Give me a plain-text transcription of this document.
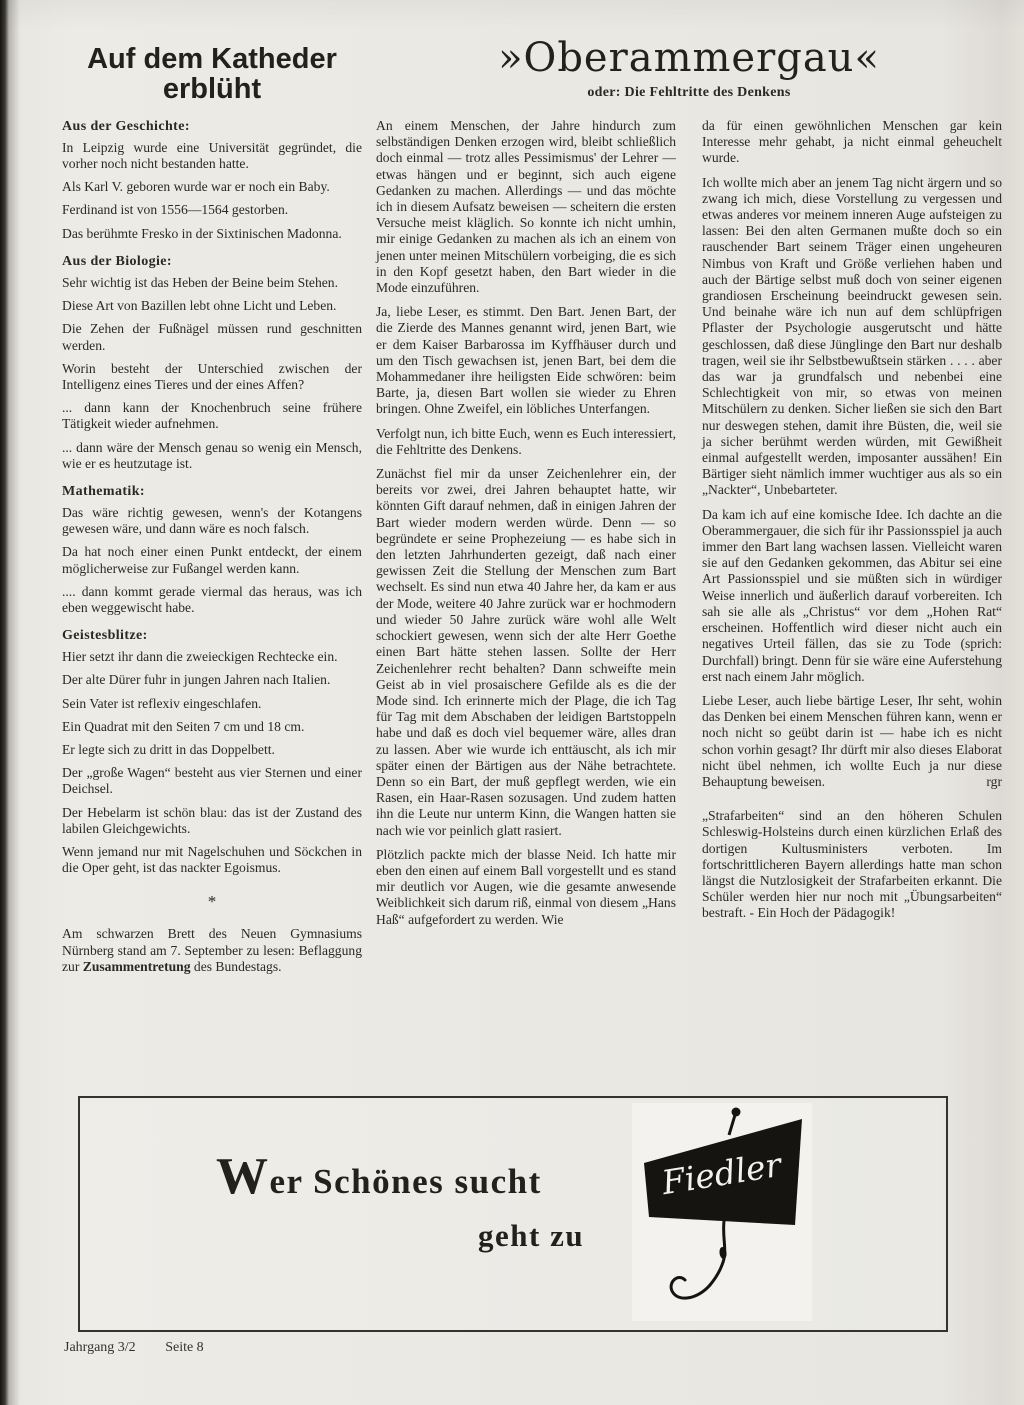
Auf dem Katheder erblüht
Aus der Geschichte:

In Leipzig wurde eine Universität gegründet, die vorher noch nicht bestanden hatte.

Als Karl V. geboren wurde war er noch ein Baby.

Ferdinand ist von 1556—1564 gestorben.

Das berühmte Fresko in der Sixtinischen Madonna.

Aus der Biologie:

Sehr wichtig ist das Heben der Beine beim Stehen.

Diese Art von Bazillen lebt ohne Licht und Leben.

Die Zehen der Fußnägel müssen rund geschnitten werden.

Worin besteht der Unterschied zwischen der Intelligenz eines Tieres und der eines Affen?

... dann kann der Knochenbruch seine frühere Tätigkeit wieder aufnehmen.

... dann wäre der Mensch genau so wenig ein Mensch, wie er es heutzutage ist.

Mathematik:

Das wäre richtig gewesen, wenn's der Kotangens gewesen wäre, und dann wäre es noch falsch.

Da hat noch einer einen Punkt entdeckt, der einem möglicherweise zur Fußangel werden kann.

.... dann kommt gerade viermal das heraus, was ich eben weggewischt habe.

Geistesblitze:

Hier setzt ihr dann die zweieckigen Rechtecke ein.

Der alte Dürer fuhr in jungen Jahren nach Italien.

Sein Vater ist reflexiv eingeschlafen.

Ein Quadrat mit den Seiten 7 cm und 18 cm.

Er legte sich zu dritt in das Doppelbett.

Der „große Wagen“ besteht aus vier Sternen und einer Deichsel.

Der Hebelarm ist schön blau: das ist der Zustand des labilen Gleichgewichts.

Wenn jemand nur mit Nagelschuhen und Söckchen in die Oper geht, ist das nackter Egoismus.

*

Am schwarzen Brett des Neuen Gymnasiums Nürnberg stand am 7. September zu lesen: Beflaggung zur Zusammentretung des Bundestags.

»Oberammergau«
oder: Die Fehltritte des Denkens

An einem Menschen, der Jahre hindurch zum selbständigen Denken erzogen wird, bleibt schließlich doch einmal — trotz alles Pessimismus' der Lehrer — etwas hängen und er beginnt, sich auch eigene Gedanken zu machen. Allerdings — und das möchte ich in diesem Aufsatz beweisen — scheitern die ersten Versuche meist kläglich. So konnte ich nicht umhin, mir einige Gedanken zu machen als ich an einem von jenen unter meinen Mitschülern vorbeiging, die es sich in den Kopf gesetzt haben, den Bart wieder in die Mode einzuführen.

Ja, liebe Leser, es stimmt. Den Bart. Jenen Bart, der die Zierde des Mannes genannt wird, jenen Bart, wie er dem Kaiser Barbarossa im Kyffhäuser durch und um den Tisch gewachsen ist, jenen Bart, bei dem die Mohammedaner ihre heiligsten Eide schwören: beim Barte, ja, diesen Bart wollen sie wieder zu Ehren bringen. Ohne Zweifel, ein löbliches Unterfangen.

Verfolgt nun, ich bitte Euch, wenn es Euch interessiert, die Fehltritte des Denkens.

Zunächst fiel mir da unser Zeichenlehrer ein, der bereits vor zwei, drei Jahren behauptet hatte, wir könnten Gift darauf nehmen, daß in einigen Jahren der Bart wieder modern werden würde. Denn — so begründete er seine Prophezeiung — es habe sich in den letzten Jahrhunderten gezeigt, daß nach einer gewissen Zeit die Stellung der Menschen zum Bart wechselt. Es sind nun etwa 40 Jahre her, da kam er aus der Mode, weitere 40 Jahre zurück war er hochmodern und wieder 50 Jahre zurück wäre wohl alle Welt schockiert gewesen, wenn sich der alte Herr Goethe einen Bart hätte stehen lassen. Sollte der Herr Zeichenlehrer recht behalten? Dann schweifte mein Geist ab in viel prosaischere Gefilde als es die der Mode sind. Ich erinnerte mich der Plage, die ich Tag für Tag mit dem Abschaben der leidigen Bartstoppeln habe und daß es doch viel bequemer wäre, alles dran zu lassen. Aber wie wurde ich enttäuscht, als ich mir später einen der Bärtigen aus der Nähe betrachtete. Denn so ein Bart, der muß gepflegt werden, wie ein Rasen, ein Haar-Rasen sozusagen. Und zudem hatten ihn die Leute nur unterm Kinn, die Wangen hatten sie nach wie vor peinlich glatt rasiert.

Plötzlich packte mich der blasse Neid. Ich hatte mir eben den einen auf einem Ball vorgestellt und es stand mir deutlich vor Augen, wie die gesamte anwesende Weiblichkeit sich darum riß, einmal von diesem „Hans Haß“ aufgefordert zu werden. Wie

da für einen gewöhnlichen Menschen gar kein Interesse mehr gehabt, ja nicht einmal geheuchelt wurde.

Ich wollte mich aber an jenem Tag nicht ärgern und so zwang ich mich, diese Vorstellung zu vergessen und etwas anderes vor meinem inneren Auge aufsteigen zu lassen: Bei den alten Germanen mußte doch so ein rauschender Bart seinem Träger einen ungeheuren Nimbus von Kraft und Größe verliehen haben und auch der Bärtige selbst muß doch von seiner eigenen grandiosen Erscheinung beeindruckt gewesen sein. Und beinahe wäre ich nun auf dem schlüpfrigen Pflaster der Psychologie ausgerutscht und hätte geschlossen, daß diese Jünglinge den Bart nur deshalb tragen, weil sie ihr Selbstbewußtsein stärken . . . . aber das war ja grundfalsch und nebenbei eine Schlechtigkeit von mir, so etwas von meinen Mitschülern zu denken. Sicher ließen sie sich den Bart nur deswegen stehen, damit ihre Büsten, die, weil sie ja sicher berühmt werden würden, mit Gewißheit einmal aufgestellt werden, imposanter aussähen! Ein Bärtiger sieht nämlich immer wuchtiger aus als so ein „Nackter“, Unbebarteter.

Da kam ich auf eine komische Idee. Ich dachte an die Oberammergauer, die sich für ihr Passionsspiel ja auch immer den Bart lang wachsen lassen. Vielleicht waren sie auf den Gedanken gekommen, das Abitur sei eine Art Passionsspiel und sie müßten sich in würdiger Weise innerlich und äußerlich darauf vorbereiten. Ich sah sie alle als „Christus“ vor dem „Hohen Rat“ erscheinen. Hoffentlich wird dieser nicht auch ein negatives Urteil fällen, das sie zu Tode (sprich: Durchfall) bringt. Denn für sie wäre eine Auferstehung erst nach einem Jahr möglich.

Liebe Leser, auch liebe bärtige Leser, Ihr seht, wohin das Denken bei einem Menschen führen kann, wenn er noch nicht so geübt darin ist — habe ich es nicht schon vorhin gesagt? Ihr dürft mir also dieses Elaborat nicht übel nehmen, ich wollte Euch ja nur diese Behauptung beweisen.	rgr

„Strafarbeiten“ sind an den höheren Schulen Schleswig-Holsteins durch einen kürzlichen Erlaß des dortigen Kultusministers verboten. Im fortschrittlicheren Bayern allerdings hatte man schon längst die Nutzlosigkeit der Strafarbeiten erkannt. Die Schüler werden hier nur noch mit „Übungsarbeiten“ bestraft. - Ein Hoch der Pädagogik!

Wer Schönes sucht
geht zu
Fiedler
Jahrgang 3/2 Seite 8
